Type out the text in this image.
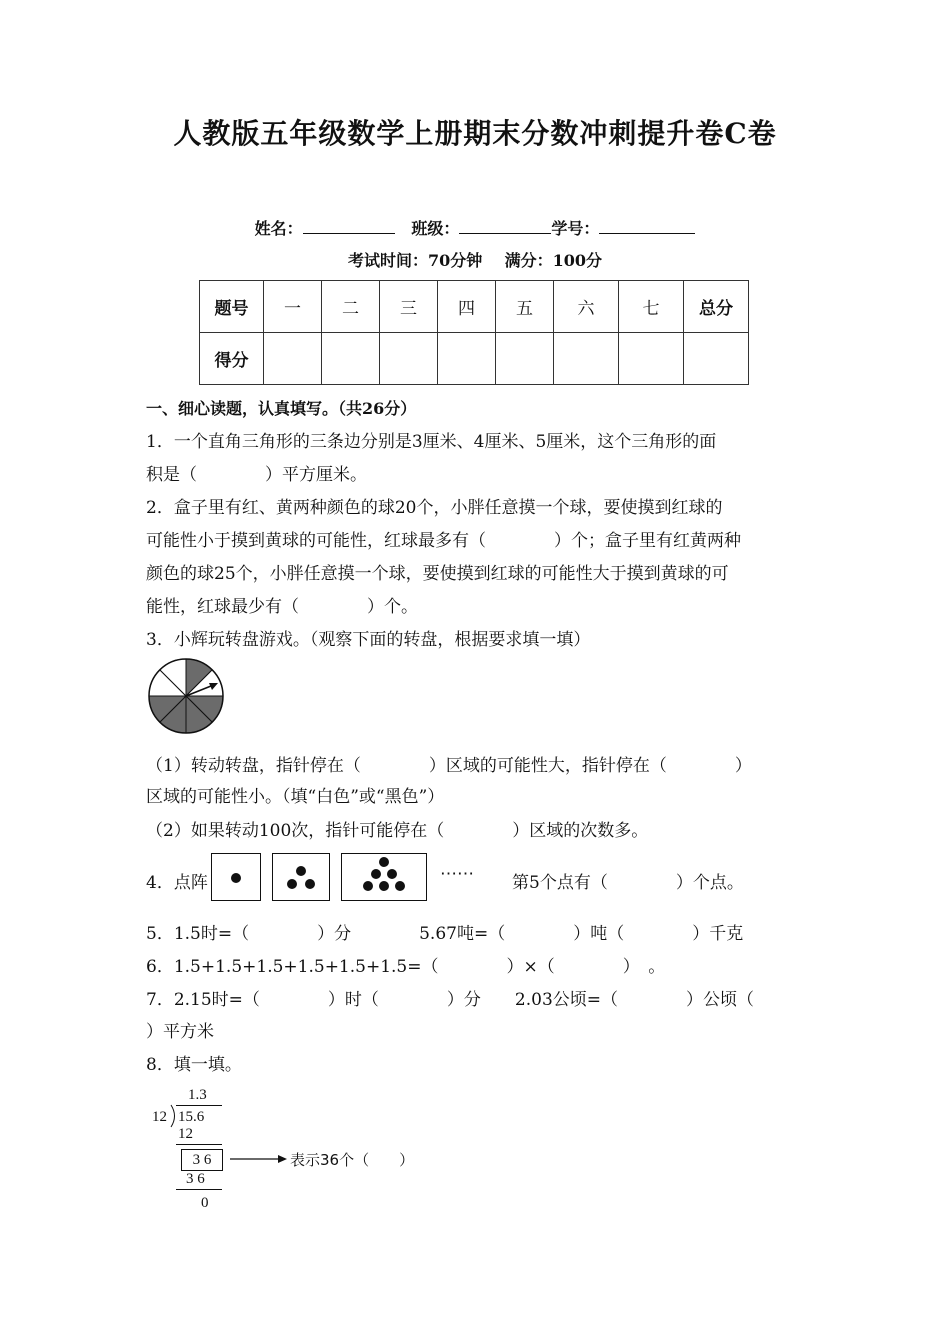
人教版五年级数学上册期末分数冲刺提升卷C卷
姓名：	班级：	学号：
考试时间：70分钟 满分：100分
题号	一	二	三	四	五	六	七	总分
得分								
一、细心读题，认真填写。（共26分）
1．一个直角三角形的三条边分别是3厘米、4厘米、5厘米，这个三角形的面
积是（　　　　）平方厘米。
2．盒子里有红、黄两种颜色的球20个，小胖任意摸一个球，要使摸到红球的
可能性小于摸到黄球的可能性，红球最多有（　　　　）个；盒子里有红黄两种
颜色的球25个，小胖任意摸一个球，要使摸到红球的可能性大于摸到黄球的可
能性，红球最少有（　　　　）个。
3．小辉玩转盘游戏。（观察下面的转盘，根据要求填一填）
（1）转动转盘，指针停在（　　　　）区域的可能性大，指针停在（　　　　）
区域的可能性小。（填“白色”或“黑色”）
（2）如果转动100次，指针可能停在（　　　　）区域的次数多。
4．点阵	⋯⋯ 第5个点有（　　　　）个点。
5．1.5时=（　　　　）分　　　　5.67吨=（　　　　）吨（　　　　）千克
6．1.5+1.5+1.5+1.5+1.5+1.5=（　　　　）×（　　　　）　。
7．2.15时=（　　　　）时（　　　　）分　　2.03公顷=（　　　　）公顷（
）平方米
8．填一填。
1.3
12 15.6
12
3 6	表示36个（　　）
3 6
0
